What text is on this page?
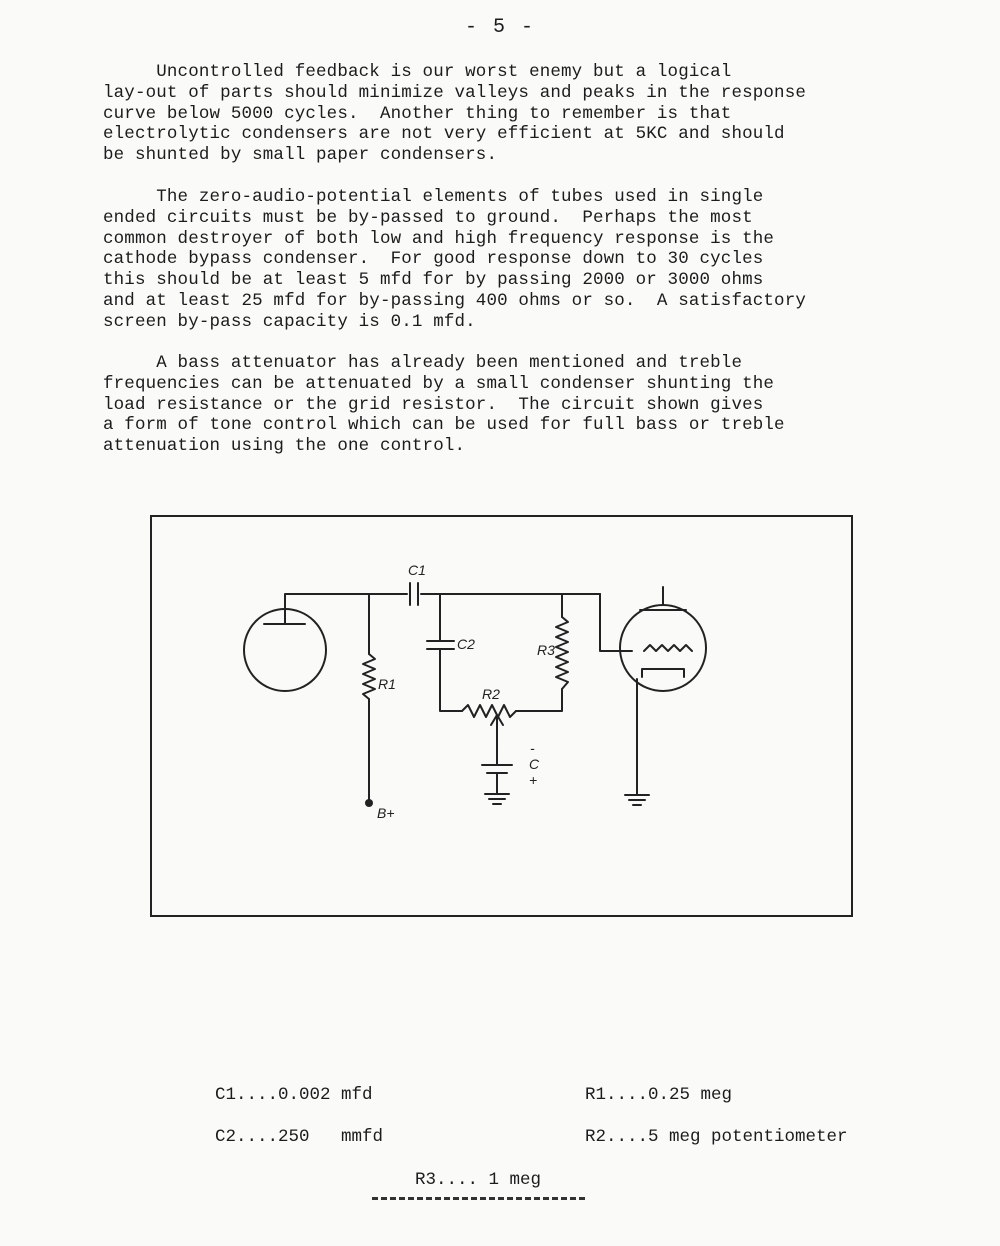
- 5 -
Uncontrolled feedback is our worst enemy but a logical
lay-out of parts should minimize valleys and peaks in the response
curve below 5000 cycles.  Another thing to remember is that
electrolytic condensers are not very efficient at 5KC and should
be shunted by small paper condensers.
The zero-audio-potential elements of tubes used in single
ended circuits must be by-passed to ground.  Perhaps the most
common destroyer of both low and high frequency response is the
cathode bypass condenser.  For good response down to 30 cycles
this should be at least 5 mfd for by passing 2000 or 3000 ohms
and at least 25 mfd for by-passing 400 ohms or so.  A satisfactory
screen by-pass capacity is 0.1 mfd.
A bass attenuator has already been mentioned and treble
frequencies can be attenuated by a small condenser shunting the
load resistance or the grid resistor.  The circuit shown gives
a form of tone control which can be used for full bass or treble
attenuation using the one control.
C1
C2
R1
R2
R3
-
C
+
B+
C1....0.002 mfd
C2....250   mmfd
R1....0.25 meg
R2....5 meg potentiometer
R3.... 1 meg
